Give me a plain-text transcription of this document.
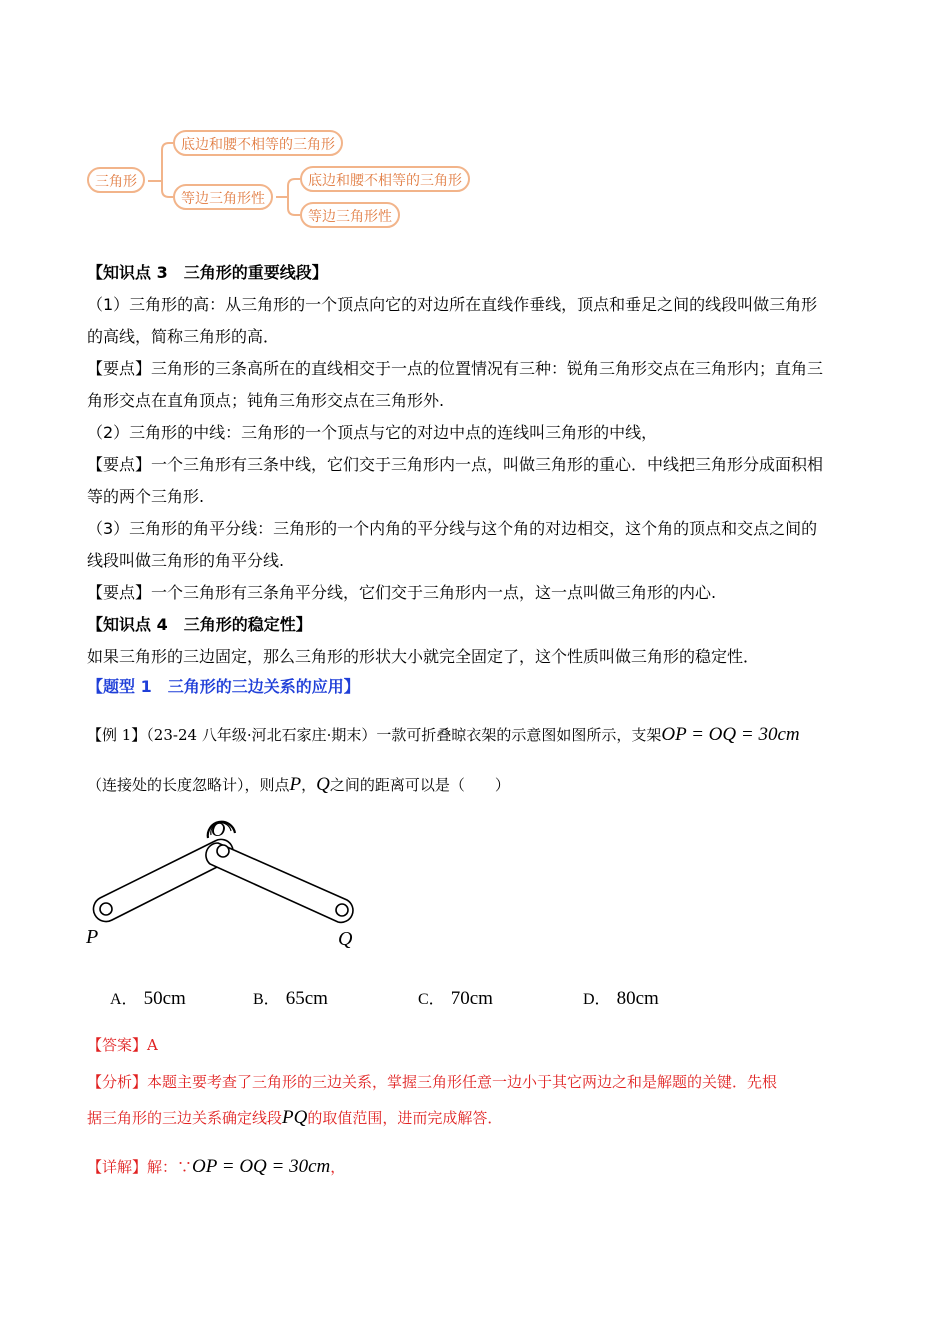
三角形
底边和腰不相等的三角形
等边三角形性
底边和腰不相等的三角形
等边三角形性
【知识点 3　三角形的重要线段】
（1）三角形的高：从三角形的一个顶点向它的对边所在直线作垂线，顶点和垂足之间的线段叫做三角形
的高线，简称三角形的高．
【要点】三角形的三条高所在的直线相交于一点的位置情况有三种：锐角三角形交点在三角形内；直角三
角形交点在直角顶点；钝角三角形交点在三角形外.
（2）三角形的中线：三角形的一个顶点与它的对边中点的连线叫三角形的中线，
【要点】一个三角形有三条中线，它们交于三角形内一点，叫做三角形的重心．中线把三角形分成面积相
等的两个三角形.
（3）三角形的角平分线：三角形的一个内角的平分线与这个角的对边相交，这个角的顶点和交点之间的
线段叫做三角形的角平分线.
【要点】一个三角形有三条角平分线，它们交于三角形内一点，这一点叫做三角形的内心.
【知识点 4　三角形的稳定性】
如果三角形的三边固定，那么三角形的形状大小就完全固定了，这个性质叫做三角形的稳定性．
【题型 1　三角形的三边关系的应用】
【例 1】（23-24 八年级·河北石家庄·期末）一款可折叠晾衣架的示意图如图所示，支架OP = OQ = 30cm
（连接处的长度忽略计），则点P，Q之间的距离可以是（　　）
O
P	Q
A． 50cm	B． 65cm	C． 70cm	D． 80cm
【答案】A
【分析】本题主要考查了三角形的三边关系，掌握三角形任意一边小于其它两边之和是解题的关键．先根
据三角形的三边关系确定线段PQ的取值范围，进而完成解答．
【详解】解：∵OP = OQ = 30cm，
